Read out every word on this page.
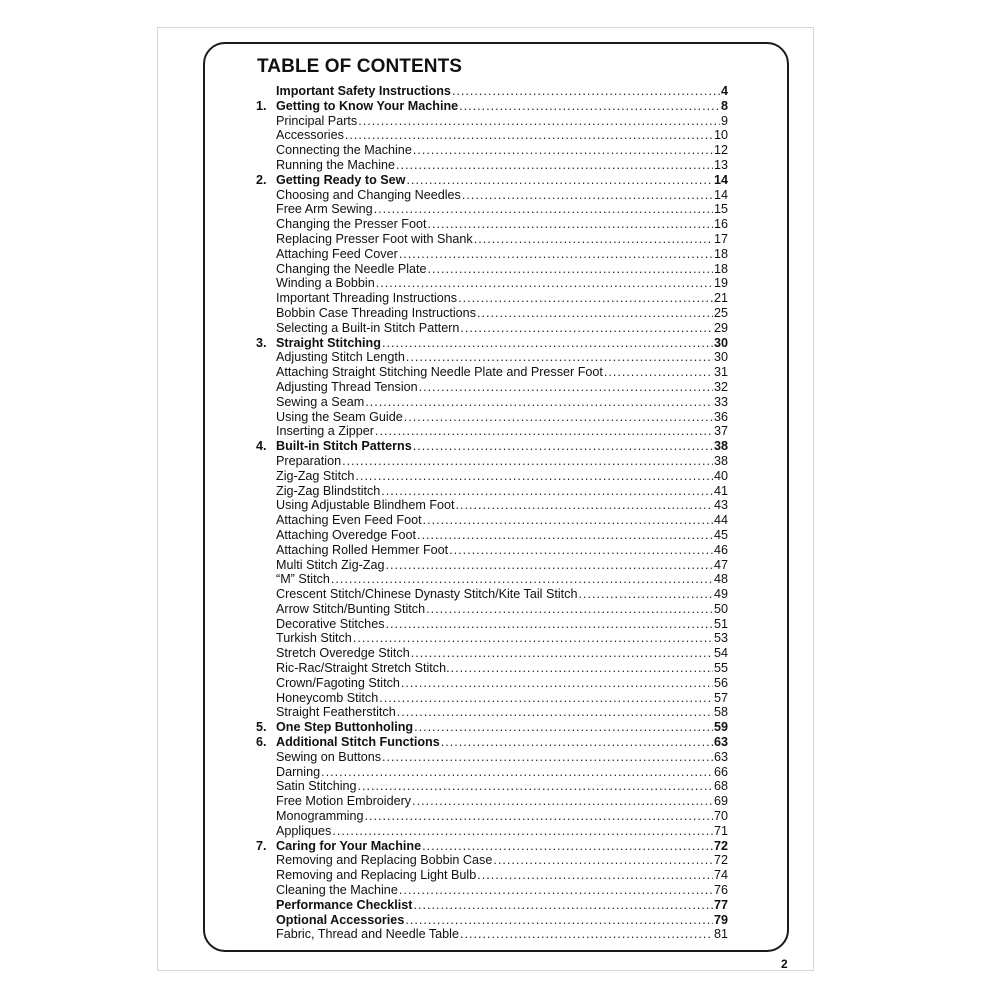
TABLE OF CONTENTS
Important Safety Instructions .....	4
1. Getting to Know Your Machine .....	8
Principal Parts .....	9
Accessories .....	10
Connecting the Machine .....	12
Running the Machine .....	13
2. Getting Ready to Sew .....	14
Choosing and Changing Needles .....	14
Free Arm Sewing .....	15
Changing the Presser Foot .....	16
Replacing Presser Foot with Shank .....	17
Attaching Feed Cover .....	18
Changing the Needle Plate .....	18
Winding a Bobbin .....	19
Important Threading Instructions .....	21
Bobbin Case Threading Instructions .....	25
Selecting a Built-in Stitch Pattern .....	29
3. Straight Stitching .....	30
Adjusting Stitch Length .....	30
Attaching Straight Stitching Needle Plate and Presser Foot .....	31
Adjusting Thread Tension .....	32
Sewing a Seam .....	33
Using the Seam Guide .....	36
Inserting a Zipper .....	37
4. Built-in Stitch Patterns .....	38
Preparation .....	38
Zig-Zag Stitch .....	40
Zig-Zag Blindstitch .....	41
Using Adjustable Blindhem Foot .....	43
Attaching Even Feed Foot .....	44
Attaching Overedge Foot .....	45
Attaching Rolled Hemmer Foot .....	46
Multi Stitch Zig-Zag .....	47
“M” Stitch .....	48
Crescent Stitch/Chinese Dynasty Stitch/Kite Tail Stitch .....	49
Arrow Stitch/Bunting Stitch .....	50
Decorative Stitches .....	51
Turkish Stitch .....	53
Stretch Overedge Stitch .....	54
Ric-Rac/Straight Stretch Stitch. .....	55
Crown/Fagoting Stitch .....	56
Honeycomb Stitch .....	57
Straight Featherstitch .....	58
5. One Step Buttonholing .....	59
6. Additional Stitch Functions .....	63
Sewing on Buttons .....	63
Darning .....	66
Satin Stitching .....	68
Free Motion Embroidery .....	69
Monogramming .....	70
Appliques .....	71
7. Caring for Your Machine .....	72
Removing and Replacing Bobbin Case .....	72
Removing and Replacing Light Bulb .....	74
Cleaning the Machine .....	76
Performance Checklist .....	77
Optional Accessories .....	79
Fabric, Thread and Needle Table .....	81
2
